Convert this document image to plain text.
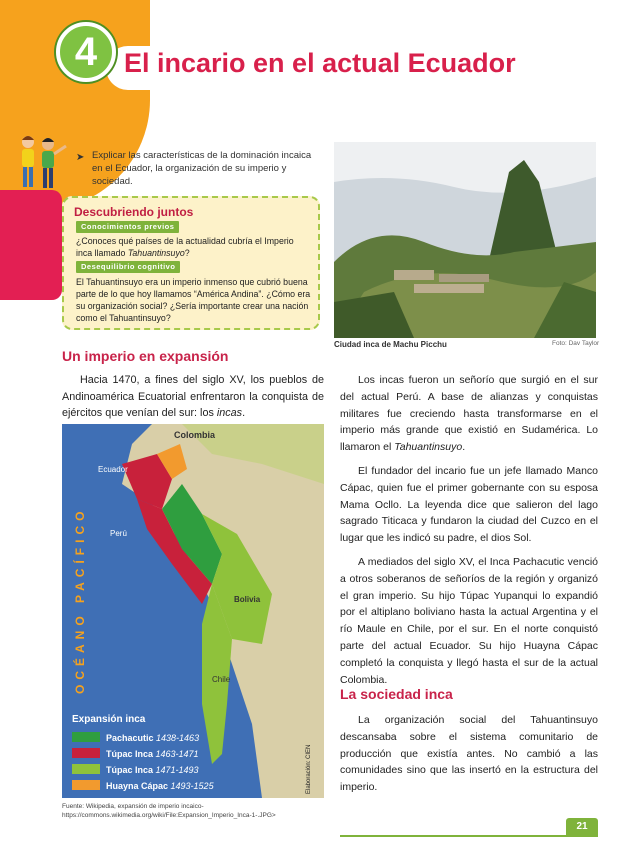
4 El incario en el actual Ecuador
➤ Explicar las características de la dominación incaica en el Ecuador, la organización de su imperio y sociedad.

Descubriendo juntos
Conocimientos previos

¿Conoces qué países de la actualidad cubría el Imperio inca llamado Tahuantinsuyo?

Desequilibrio cognitivo

El Tahuantinsuyo era un imperio inmenso que cubrió buena parte de lo que hoy llamamos “América Andina”. ¿Cómo era su organización social? ¿Sería importante crear una nación como el Tahuantinsuyo?

Ciudad inca de Machu Picchu	Foto: Dav Taylor
Un imperio en expansión

Hacia 1470, a fines del siglo XV, los pueblos de Andinoamérica Ecuatorial enfrentaron la conquista de ejércitos que venían del sur: los incas.

Colombia
Ecuador
Perú
Bolivia
Chile
OCÉANO PACÍFICO
Expansión inca
Pachacutic 1438-1463
Túpac Inca 1463-1471
Túpac Inca 1471-1493
Huayna Cápac 1493-1525	Elaboración: CIEN

Fuente: Wikipedia, expansión de imperio incaico-https://commons.wikimedia.org/wiki/File:Expansion_Imperio_Inca-1-.JPG>

Los incas fueron un señorío que surgió en el sur del actual Perú. A base de alianzas y conquistas militares fue creciendo hasta transformarse en el imperio más grande que existió en Sudamérica. Lo llamaron el Tahuantinsuyo.

El fundador del incario fue un jefe llamado Manco Cápac, quien fue el primer gobernante con su esposa Mama Ocllo. La leyenda dice que salieron del lago sagrado Titicaca y fundaron la ciudad del Cuzco en el lugar que les indicó su padre, el dios Sol.

A mediados del siglo XV, el Inca Pachacutic venció a otros soberanos de señoríos de la región y organizó el gran imperio. Su hijo Túpac Yupanqui lo expandió por el altiplano boliviano hasta la actual Argentina y el río Maule en Chile, por el sur. En el norte conquistó parte del actual Ecuador. Su hijo Huayna Cápac completó la conquista y llegó hasta el sur de la actual Colombia.

La sociedad inca

La organización social del Tahuantinsuyo descansaba sobre el sistema comunitario de producción que existía antes. No cambió a las comunidades sino que las insertó en la estructura del imperio.

21
